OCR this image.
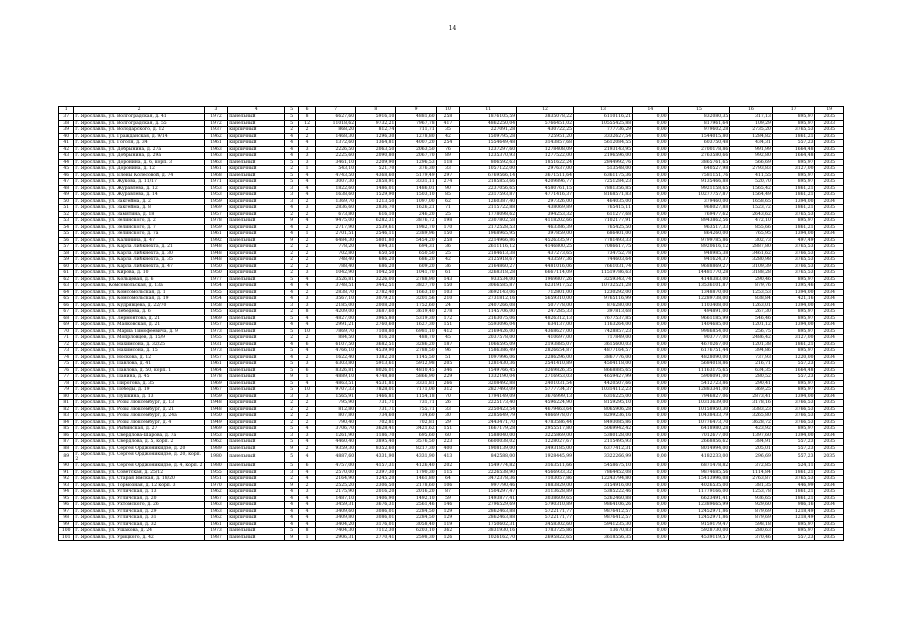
14
1	2	3	4	5	6	7	8	9	10	11	12	13	14	15	16	17	19
37	г. Ярославль, ул. Волгоградская, д. 41	1972	панельный	5	8	6627,60	5916,10	4881,60	258	1876105,59	3835078,22	6110116,21	0,00	832080,35	317,13	895,97	2035
38	г. Ярославль, ул. Волгоградская, д. 55	1972	панельный	5	12	11018,62	9732,21	7967,78	417	4862250,04	5766451,02	10555425,88	0,00	817961,64	109,29	895,97	2033
39	г. Ярославль, ул. Володарского, д. 12	1937	кирпичный	2	2	868,20	812,74	711,71	35	227091,28	430722,25	777736,29	0,00	979602,28	2735,20	3765,53	2035
40	г. Ярославль, ул. Гражданская, д. 9/14	1962	кирпичный	4	2	1468,30	1296,30	1278,80	42	1509795,28	725951,20	3332627,54	0,00	1544015,80	1284,82	1861,21	2035
41	г. Ярославль, ул. Гоголя, д. 34	1961	кирпичный	4	4	1372,60	1364,81	4007,20	254	1554649,48	3143857,68	5612084,55	0,00	603750,48	434,31	557,23	2035
42	г. Ярославль, ул. Добрынина, д. 27а	1963	кирпичный	4	3	2226,50	2063,50	2063,50	76	1237297,60	1278408,09	2193143,95	0,00	2700178,86	991,99	1664,48	2035
43	г. Ярославль, ул. Добрынина, д. 29а	1963	кирпичный	4	3	2225,60	2090,80	2067,70	89	1235370,93	1277522,00	2196596,00	0,00	2763580,66	992,80	1664,48	2035
44	г. Ярославль, ул. Доронина, д. 6, корп. 3	1963	панельный	5	3	3461,10	2209,90	1296,53	118	806592,63	1851622,24	2844992,76	0,00	3865761,65	566,69	895,97	2035
45	г. Ярославль, ул. Доронина, д. 12	1961	кирпичный	2	1	543,10	521,70	376,30	33	1057122,00	297637,00	513548,00	0,00	640527,98	2793,83	3127,00	2035
46	г. Ярославль, ул. Елены Колесовой, д. 74	1968	панельный	5	4	4743,50	4368,60	5179,49	297	6769566,14	3671511,64	6361175,36	0,00	7581151,76	411,55	895,97	2035
47	г. Ярославль, ул. Жукова, д. 11/17	1971	кирпичный	5	4	3007,30	2858,91	3331,11	274	2185853,66	4209896,77	7251284,23	0,00	9135466,88	520,70	895,97	2035
48	г. Ярославль, ул. Журавлёва, д. 12	1953	кирпичный	3	4	1822,60	1486,01	1486,01	90	2237056,65	4580761,15	7881356,85	0,00	9921158,65	1565,42	1861,21	2035
49	г. Ярославль, ул. Журавлёва, д. 14	1953	кирпичный	3	4	1638,60	1529,90	1503,10	85	2317593,87	4771416,37	8168571,83	0,00	10277757,87	1564,49	1861,21	2035
50	г. Ярославль, ул. Закгейма, д. 2	1959	кирпичный	3	2	1369,70	1213,50	1097,00	62	1260387,40	297326,00	464035,00	0,00	379460,00	1658,65	1394,00	2034
51	г. Ярославль, ул. Закгейма, д. 8	1969	кирпичный	4	3	2836,60	2836,70	1626,21	71	2115722,88	438069,89	765415,11	0,00	968027,88	1523,72	1861,21	2035
52	г. Ярославль, ул. Замятина, д. 18	1957	кирпичный	2	2	673,80	616,10	246,20	25	1778098,62	394253,32	611277,68	0,00	769477,62	2643,62	3765,53	2035
53	г. Ярославль, ул. Зелинского, д. 2	1978	панельный	9	4	9475,00	6282,31	3876,72	198	2307802,58	4118202,66	7102177,91	0,00	8943862,56	472,10	895,97	2035
54	г. Ярославль, ул. Зелинского, д. 7	1959	кирпичный	4	2	2717,90	2539,61	1982,70	170	2172528,53	463386,39	765425,50	0,00	963517,33	855,66	1861,21	2035
55	г. Ярославль, ул. Зелинского, д. 7а	1961	кирпичный	4	1	2701,51	2546,11	2389,96	150	1968965,95	397859,00	686401,00	0,00	864260,00	765,95	1394,00	2034
56	г. Ярославль, ул. Калинина, д. 47	1992	панельный	9	2	6484,30	5801,80	5454,20	258	2214966,86	4526335,97	7781493,33	0,00	9799785,86	302,73	497,49	2035
57	г. Ярославль, ул. Карла Либкнехта, д. 21	1948	кирпичный	2	2	778,20	694,31	694,31	36	2611116,12	4146800,25	7086617,75	0,00	8920616,12	2887,80	3765,53	2035
58	г. Ярославль, ул. Карла Либкнехта, д. 30	1948	кирпичный	2	2	702,80	650,50	650,50	25	2184613,38	437273,65	734752,78	0,00	948985,38	3461,62	3766,53	2035
59	г. Ярославль, ул. Карла Либкнехта, д. 35	1948	кирпичный	2	2	748,40	686,20	686,20	42	2125918,67	433597,36	744603,64	0,00	941624,37	3280,98	3765,53	2035
60	г. Ярославль, ул. Карла Либкнехта, д. 47	1950	кирпичный	2	2	788,40	686,20	609,20	36	2164860,27	4481016,06	7661031,74	0,00	9688869,27	3109,39	3766,53	2035
61	г. Ярославль, ул. Кирова, д. 10	1950	кирпичный	2	3	1042,90	1042,50	1041,70	61	3268318,28	6667114,09	11519786,63	0,00	14481770,28	3188,28	3765,53	2035
62	г. Ярославль, ул. Кольцевая, д. 6	1977	панельный	5	4	3526,81	3226,00	2788,90	143	933534,00	1969807,26	3259343,74	0,00	4148383,00	290,46	895,97	2035
63	г. Ярославль, Комсомольская, д. 13а	1954	кирпичный	4	4	3748,51	3442,51	3827,70	150	3066585,87	6231917,52	10732521,28	0,00	13536101,87	879,76	1395,46	2035
64	г. Ярославль, ул. Комсомольская, д. 1	1955	кирпичный	4	2	2838,70	2782,40	1663,10	103	3692143,06	712801,00	1230292,00	0,00	1348870,00	1253,53	1394,00	2034
65	г. Ярославль, ул. Комсомольская, д. 19	1954	кирпичный	4	3	3567,10	3079,21	3201,56	210	2731812,16	5659310,00	9765116,99	0,00	12289738,00	838,84	421,16	2034
66	г. Ярославль, ул. Кудрявцева, д. 22/70	1958	кирпичный	3	3	2185,00	2008,20	1752,60	24	2407266,08	507778,00	876280,00	0,00	1103408,00	1263,01	1394,00	2034
67	г. Ярославль, ул. Лебедева, д. 6	1955	кирпичный	2	8	4209,00	3687,60	3619,40	278	1145706,00	247285,33	397813,68	0,00	494891,00	267,30	895,97	2035
68	г. Ярославль, ул. Лермонтова, д. 21	1969	панельный	5	4	4827,00	3965,80	5319,30	172	2163075,06	4826312,13	7677537,85	0,00	9661185,99	546,46	895,97	2035
69	г. Ярославль, ул. Маяковская, д. 21	1957	кирпичный	4	4	2991,21	2760,60	1627,30	151	5593096,04	634137,00	1163264,00	0,00	1404685,00	1201,12	1394,00	2034
70	г. Ярославль, ул. Мариа Тимофеевича, д. 9	1973	панельный	5	10	7869,70	7108,80	6981,10	412	2169426,00	4368627,00	7428857,23	0,00	9986854,00	256,75	895,97	2035
71	г. Ярославль, ул. Мопрловцев, д. 15/9	1955	кирпичный	2	2	884,50	816,20	488,70	45	2037578,00	410697,00	717849,00	0,00	903777,00	2486,42	3127,00	2034
72	г. Ярославль, ул. Нахимсона, д. 32/25	1931	кирпичный	4	6	6107,50	3682,51	3286,20	187	1066595,09	2193885,07	3615600,03	0,00	4670267,00	1201,38	1861,21	2035
73	г. Ярославль, ул. Нахимсона, д. 15	1973	панельный	5	4	4766,10	4539,90	2788,50	96	1586386,49	2826654,87	4877164,57	0,00	6176751,44	394,86	895,97	2035
74	г. Ярославль, ул. Носкова, д. 12	1957	кирпичный	4	2	1622,40	1382,20	1145,50	51	1097996,06	2286296,00	3867776,00	0,00	4828090,00	737,93	1220,00	2034
75	г. Ярославль, ул. Павлова, д. 41	1961	кирпичный	5	3	6303,80	5913,61	5912,98	205	1281430,36	2541410,89	4504118,00	0,00	5684018,86	216,71	557,23	2035
76	г. Ярославль, ул. Павлова, д. 50, корп. 1	1964	панельный	5	6	8326,81	8026,01	4810,45	346	1549766,45	3269826,35	8668885,65	0,00	11163175,65	634,35	1664,48	2035
77	г. Ярославль, ул. Панина, д. 45	1978	панельный	9	1	4889,10	4748,80	5866,90	229	1332190,04	2716953,03	4659427,99	0,00	5908091,00	280,52	557,23	2035
78	г. Ярославль, ул. Пирогова, д. 35	1969	панельный	5	4	4863,51	4531,81	3331,81	266	3208492,88	2401031,54	4420507,66	0,00	5412723,86	290,41	895,97	2035
79	г. Ярославль, ул. Победы, д. 19	1967	панельный	5	10	9707,33	7828,01	7171,00	312	2827493,09	5777734,37	10314112,23	0,00	12883341,00	369,25	895,97	2035
80	г. Ярославль, ул. Пушкина, д. 13	1959	кирпичный	3	3	1565,91	1466,81	1154,18	70	1794149,09	3676999,13	6316225,00	0,00	7946827,06	2873,41	1394,00	2034
81	г. Ярославль, ул. Розы Люксембург, д. 13	1948	кирпичный	2	2	795,90	731,71	731,71	26	2225173,40	4596224,90	8159295,10	0,00	10313639,00	3178,16	3766,53	2035
82	г. Ярославль, ул. Розы Люксембург, д. 21	1948	кирпичный	2	2	812,80	731,71	755,71	33	2250423,54	4679463,64	8065906,28	0,00	10158950,30	3383,23	3766,53	2035
83	г. Ярославль, ул. Розы Люксембург, д. 24а	1950	кирпичный	2	2	807,80	734,60	734,60	30	2285649,79	4866978,07	8299236,16	0,00	10438433,79	3265,80	3766,53	2035
84	г. Ярославль, ул. Розы Люксембург, д. 4	1949	кирпичный	2	2	790,40	702,81	702,81	29	2443471,70	4783586,44	8493085,86	0,00	10776473,70	3628,72	3766,53	2035
85	г. Ярославль, ул. Рыбинская, д. 27	1969	кирпичный	5	4	3706,70	3628,41	3421,62	151	1667179,28	2955517,80	5069942,42	0,00	6418980,28	423,92	895,97	2035
86	г. Ярославль, ул. Свердлова-Шарова, д. 7а	1953	кирпичный	3	3	1261,90	1186,70	695,60	60	1588040,00	3225869,00	5380128,00	0,00	7012677,00	1397,60	1394,00	2034
87	г. Ярославль, ул. Свердлова, д. 5, корп. 2	1962	панельный	5	4	4460,40	3895,40	3576,50	223	6600038,02	1228027,67	2115495,93	0,00	2668856,62	384,91	557,23	2035
88	г. Ярославль, ул. Сергея Орджоникидзе, д. 20	1989	панельный	9	2	9359,30	8352,60	8217,30	400	1908139,00	3493185,00	6377412,31	0,00	8014994,00	205,01	557,23	2035
89	г. Ярославль, ул. Сергея Орджоникидзе, д. 20, корп. 2	1980	панельный	5	4	4887,60	4331,90	4331,90	413	842588,00	1928445,99	3322266,99	0,00	4182233,00	296,69	557,23	2035
90	г. Ярославль, ул. Сергея Орджоникидзе, д. 4, корп. 2	1980	панельный	5	6	4757,00	4157,31	4126,40	202	1549774,82	3163511,66	5458675,10	0,00	6871478,82	372,85	524,11	2035
91	г. Ярославль, ул. Советская, д. 25/12	1955	кирпичный	3	4	2570,00	2397,30	1790,30	115	2226538,90	4566933,32	7864452,08	0,00	9874685,56	1114,84	1861,21	2035
92	г. Ярославль, ул. Старая Ямская, д. 18/20	1951	кирпичный	2	4	2164,90	1245,20	1461,80	64	3472378,36	7103057,86	12243794,80	0,00	15413996,08	2763,87	3765,53	2035
93	г. Ярославль, ул. Тормозная, д. 12 корп. 3	1970	кирпичный	9	2	2525,20	2306,50	2178,60	106	997790,46	1883829,00	3154916,00	0,00	4026535,00	381,35	446,99	2034
94	г. Ярославль, ул. Угличская, д. 13	1962	кирпичный	4	3	2175,90	2016,20	2016,20	87	1504297,47	3113628,89	5385222,46	0,00	11779166,00	1253,78	1861,21	2035
95	г. Ярославль, ул. Угличская, д. 20	1967	кирпичный	4	4	1487,10	1406,90	1492,10	59	1493877,41	3038609,65	5262460,88	0,00	6623491,41	936,65	1861,21	2035
96	г. Ярославль, ул. Ухтомского, д. 26	1963	кирпичный	4	4	3459,31	3676,31	2561,46	146	2796529,69	5790310,89	9864106,26	0,00	12389665,99	929,60	986,16	2034
97	г. Ярославль, ул. Угличская, д. 29	1963	кирпичный	4	4	3409,60	3086,01	2284,50	129	2862463,88	5722171,77	9876412,57	0,00	12452971,86	879,69	1218,49	2035
98	г. Ярославль, ул. Угличская, д. 31	1962	кирпичный	4	4	3409,80	3086,01	2284,50	129	2862463,88	5722171,77	9876412,57	0,00	12452971,86	879,69	1218,49	2035
99	г. Ярославль, ул. Угличская, д. 32	1961	кирпичный	4	4	3404,20	3176,01	3058,40	119	1750602,31	3458302,60	5941235,30	0,00	9159179,47	598,18	895,97	2035
100	г. Ярославль, ул. Ушакова, д. 24	1973	панельный	5	8	7404,30	7112,30	6203,10	362	3831930,16	1783725,86	13670,83	0,00	5928730,00	280,63	895,97	2035
101	г. Ярославль, ул. Урицкого, д. 42	1987	панельный	9	1	2906,31	2770,41	2598,30	126	1026162,70	2695822,65	3618556,35	0,00	4539119,57	370,46	557,23	2035
